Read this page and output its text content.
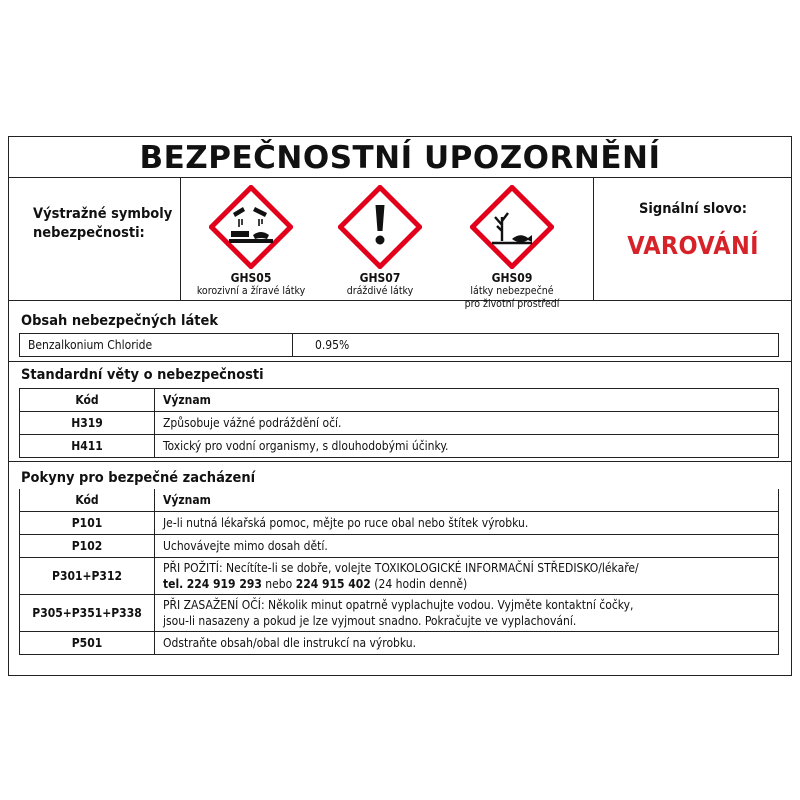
BEZPEČNOSTNÍ UPOZORNĚNÍ
Výstražné symboly
nebezpečnosti:
GHS05
korozivní a žíravé látky
GHS07
dráždivé látky
GHS09
látky nebezpečné
pro životní prostředí
Signální slovo:
VAROVÁNÍ
Obsah nebezpečných látek
Benzalkonium Chloride	0.95%
Standardní věty o nebezpečnosti
Kód	Význam
H319	Způsobuje vážné podráždění očí.
H411	Toxický pro vodní organismy, s dlouhodobými účinky.
Pokyny pro bezpečné zacházení
Kód	Význam
P101	Je-li nutná lékařská pomoc, mějte po ruce obal nebo štítek výrobku.
P102	Uchovávejte mimo dosah dětí.
P301+P312	PŘI POŽITÍ: Necítíte-li se dobře, volejte TOXIKOLOGICKÉ INFORMAČNÍ STŘEDISKO/lékaře/
tel. 224 919 293 nebo 224 915 402 (24 hodin denně)

P305+P351+P338	PŘI ZASAŽENÍ OČÍ: Několik minut opatrně vyplachujte vodou. Vyjměte kontaktní čočky,
jsou-li nasazeny a pokud je lze vyjmout snadno. Pokračujte ve vyplachování.

P501	Odstraňte obsah/obal dle instrukcí na výrobku.
